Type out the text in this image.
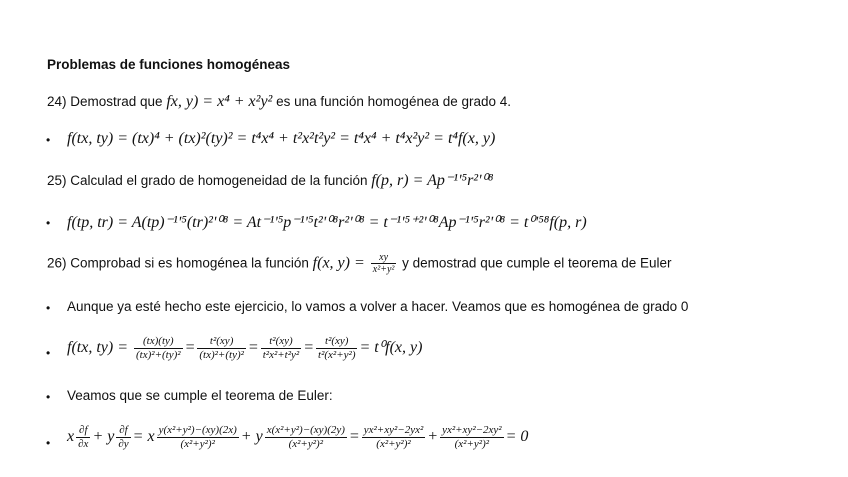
Problemas de funciones homogéneas
24) Demostrad que fx, y) = x⁴ + x²y² es una función homogénea de grado 4.
• f(tx, ty) = (tx)⁴ + (tx)²(ty)² = t⁴x⁴ + t²x²t²y² = t⁴x⁴ + t⁴x²y² = t⁴f(x, y)
25) Calculad el grado de homogeneidad de la función f(p, r) = Ap⁻¹ʹ⁵r²ʹ⁰⁸
• f(tp, tr) = A(tp)⁻¹ʹ⁵(tr)²ʹ⁰⁸ = At⁻¹ʹ⁵p⁻¹ʹ⁵t²ʹ⁰⁸r²ʹ⁰⁸ = t⁻¹ʹ⁵⁺²ʹ⁰⁸Ap⁻¹ʹ⁵r²ʹ⁰⁸ = t⁰ʹ⁵⁸f(p, r)
26) Comprobad si es homogénea la función f(x, $y) = \frac{xy}{\text{x²+y²}}$ y demostrad que cumple el teorema de Euler
• Aunque ya esté hecho este ejercicio, lo vamos a volver a hacer. Veamos que es homogénea de grado 0
• f(tx, $ty) = \frac{(tx)(ty)}{\text{(tx)²+(ty)²}} = \frac{\text{t²(xy)}}{\text{(tx)²+(ty)²}} = \frac{\text{t²(xy)}}{\text{t²x²+t²y²}} = \frac{\text{t²(xy)}}{\text{t²(x²+y²)}} = t^0f(x$, y)
• Veamos que se cumple el teorema de Euler:
• x $\frac{\partial f}{\partial x} + y \frac{\partial f}{\partial y} = x \frac{\text{y(x²+y²)−(xy)(2x)}}{\text{(x²+y²)²}} + y \frac{\text{x(x²+y²)−(xy)(2y)}}{\text{(x²+y²)²}} = \frac{\text{yx²+xy²−2yx²}}{\text{(x²+y²)²}} + \frac{\text{yx²+xy²−2xy²}}{\text{(x²+y²)²}} = 0$
